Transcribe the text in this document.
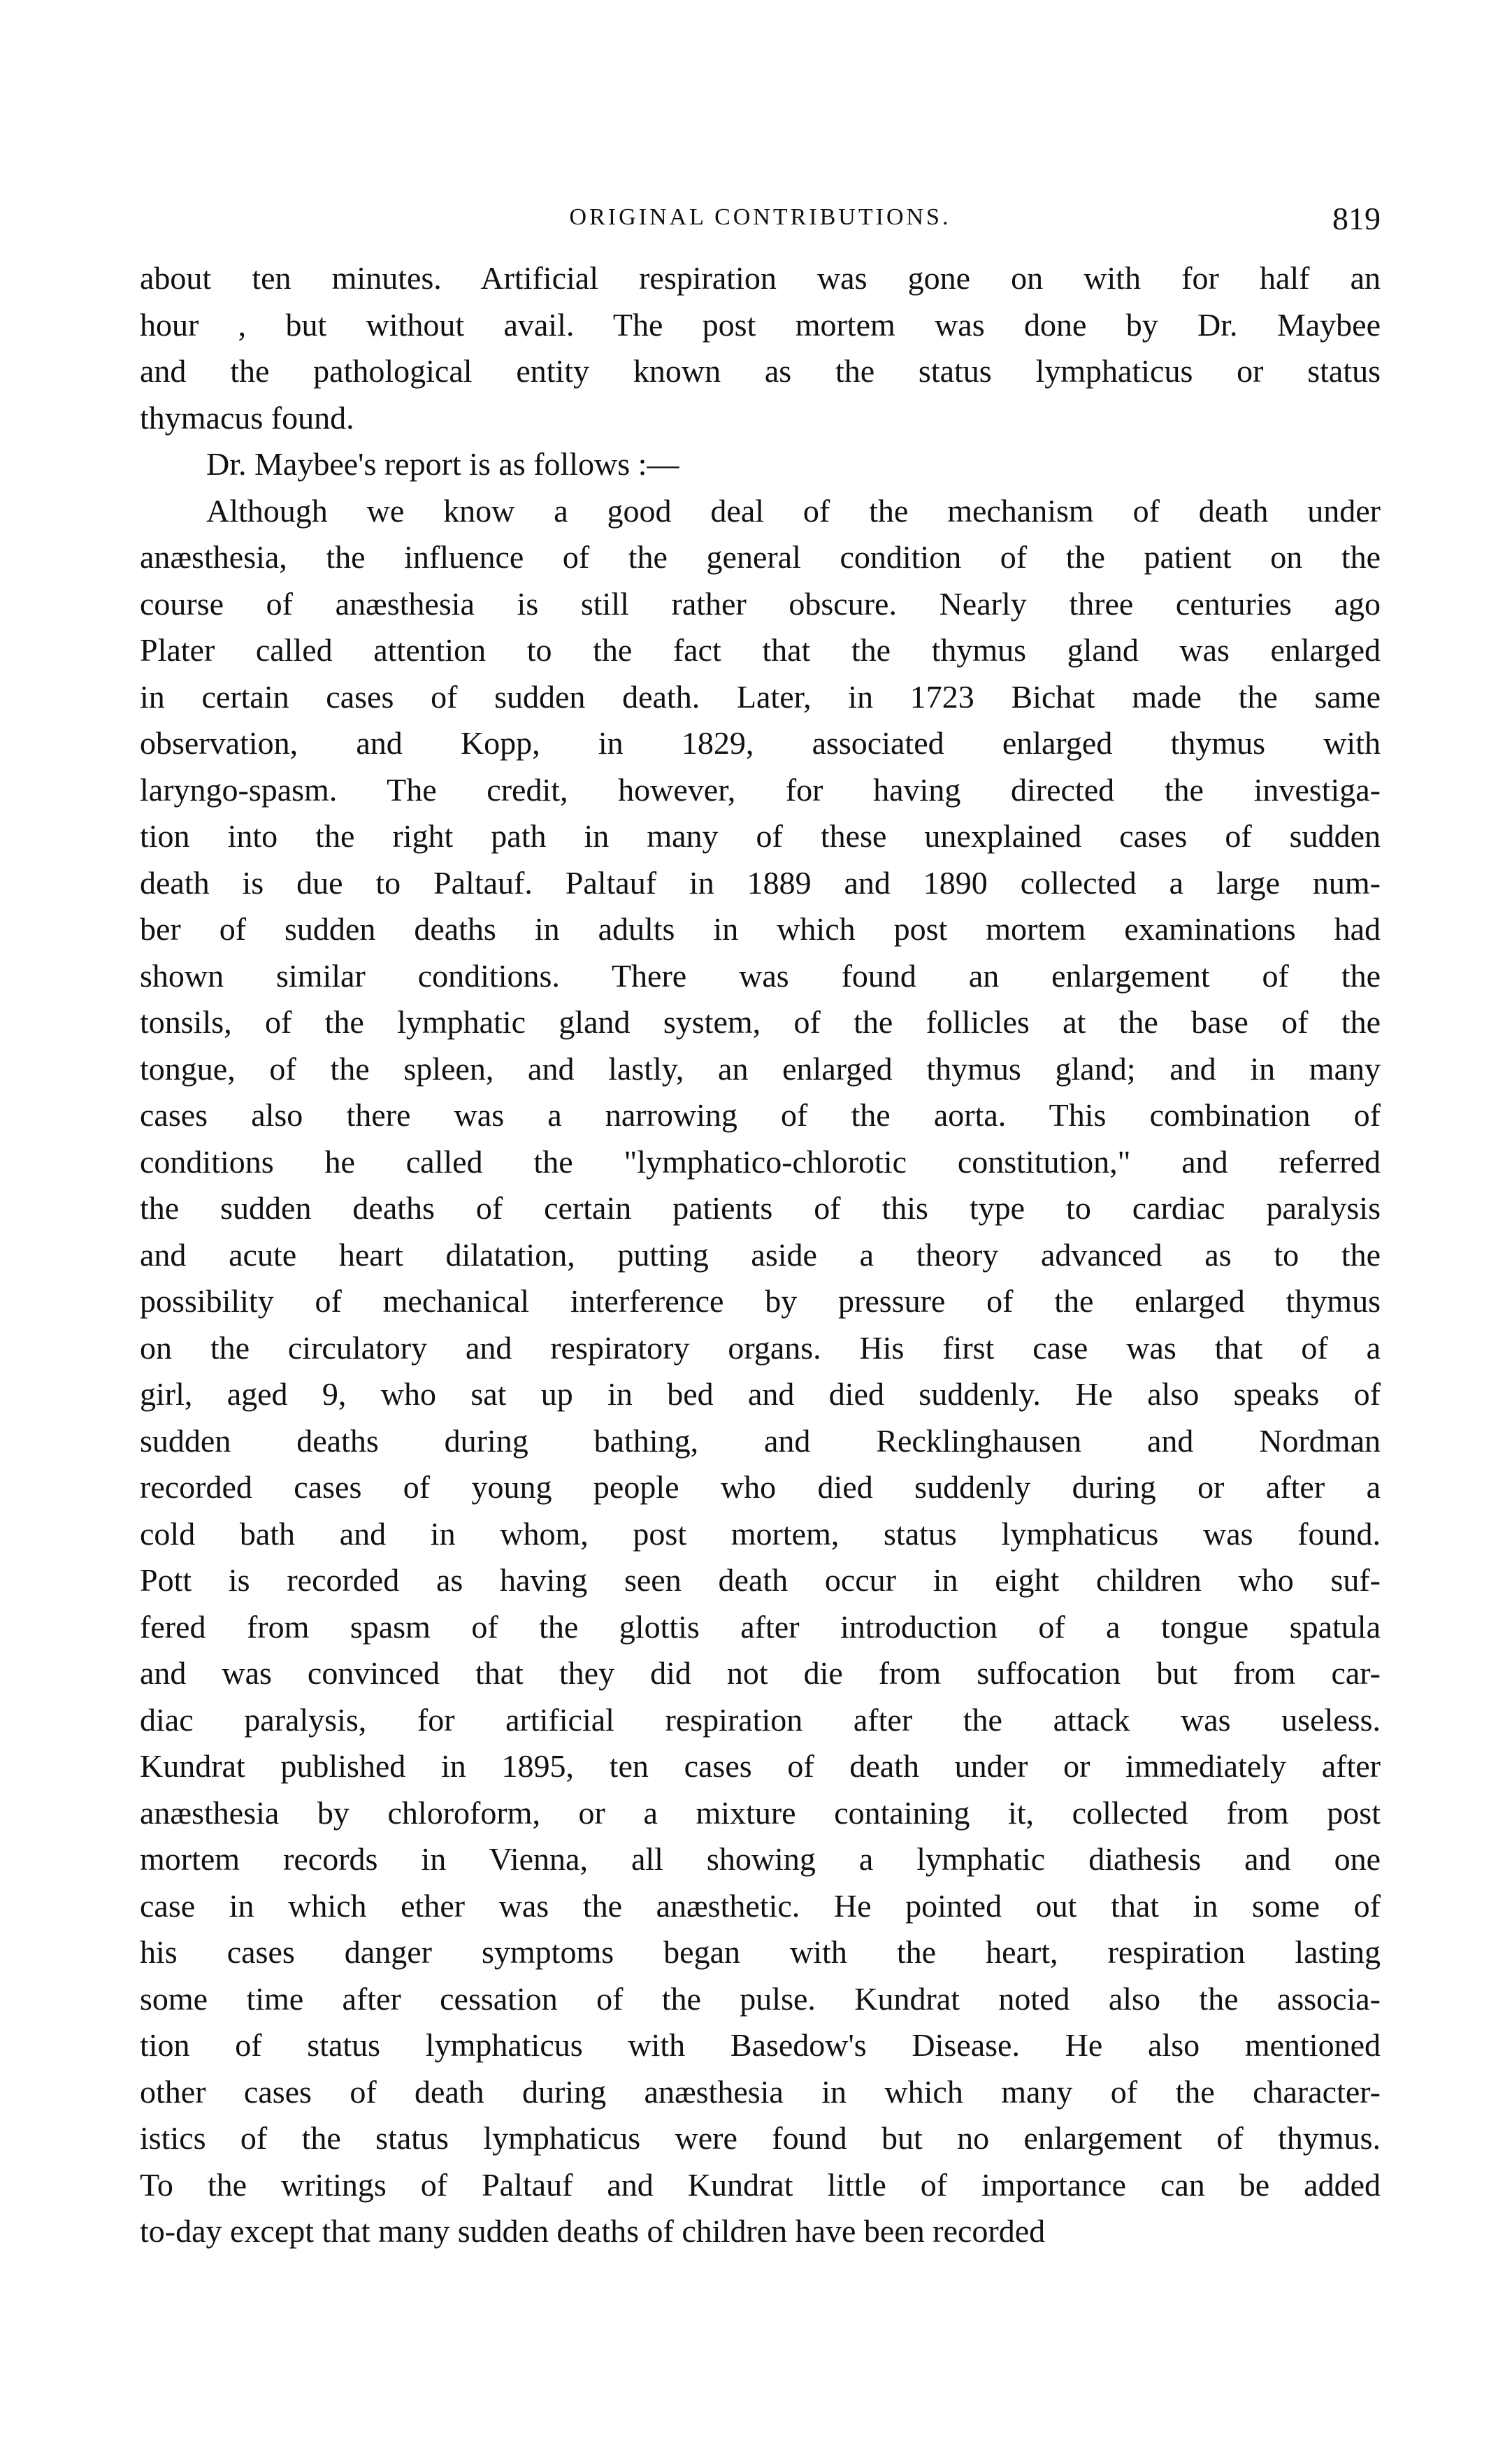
ORIGINAL CONTRIBUTIONS.	819
about ten minutes. Artificial respiration was gone on with for half an
hour , but without avail. The post mortem was done by Dr. Maybee
and the pathological entity known as the status lymphaticus or status
thymacus found.
Dr. Maybee's report is as follows :—
Although we know a good deal of the mechanism of death under
anæsthesia, the influence of the general condition of the patient on the
course of anæsthesia is still rather obscure. Nearly three centuries ago
Plater called attention to the fact that the thymus gland was enlarged
in certain cases of sudden death. Later, in 1723 Bichat made the same
observation, and Kopp, in 1829, associated enlarged thymus with
laryngo-spasm. The credit, however, for having directed the investiga-
tion into the right path in many of these unexplained cases of sudden
death is due to Paltauf. Paltauf in 1889 and 1890 collected a large num-
ber of sudden deaths in adults in which post mortem examinations had
shown similar conditions. There was found an enlargement of the
tonsils, of the lymphatic gland system, of the follicles at the base of the
tongue, of the spleen, and lastly, an enlarged thymus gland; and in many
cases also there was a narrowing of the aorta. This combination of
conditions he called the "lymphatico-chlorotic constitution," and referred
the sudden deaths of certain patients of this type to cardiac paralysis
and acute heart dilatation, putting aside a theory advanced as to the
possibility of mechanical interference by pressure of the enlarged thymus
on the circulatory and respiratory organs. His first case was that of a
girl, aged 9, who sat up in bed and died suddenly. He also speaks of
sudden deaths during bathing, and Recklinghausen and Nordman
recorded cases of young people who died suddenly during or after a
cold bath and in whom, post mortem, status lymphaticus was found.
Pott is recorded as having seen death occur in eight children who suf-
fered from spasm of the glottis after introduction of a tongue spatula
and was convinced that they did not die from suffocation but from car-
diac paralysis, for artificial respiration after the attack was useless.
Kundrat published in 1895, ten cases of death under or immediately after
anæsthesia by chloroform, or a mixture containing it, collected from post
mortem records in Vienna, all showing a lymphatic diathesis and one
case in which ether was the anæsthetic. He pointed out that in some of
his cases danger symptoms began with the heart, respiration lasting
some time after cessation of the pulse. Kundrat noted also the associa-
tion of status lymphaticus with Basedow's Disease. He also mentioned
other cases of death during anæsthesia in which many of the character-
istics of the status lymphaticus were found but no enlargement of thymus.
To the writings of Paltauf and Kundrat little of importance can be added
to-day except that many sudden deaths of children have been recorded
